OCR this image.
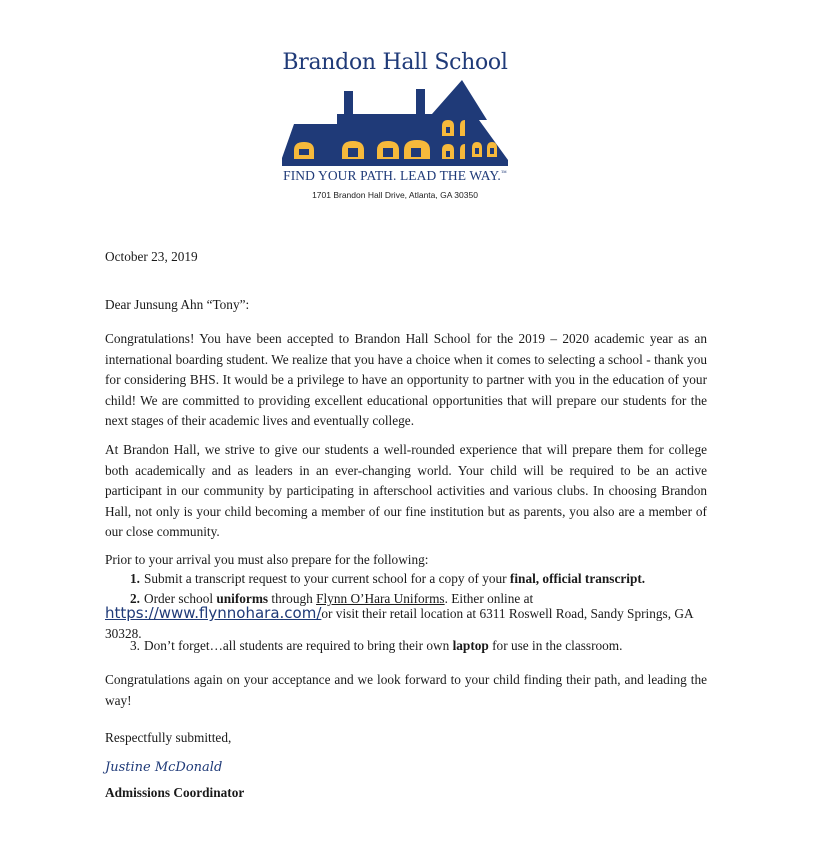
Brandon Hall School
FIND YOUR PATH. LEAD THE WAY.™
1701 Brandon Hall Drive, Atlanta, GA 30350

October 23, 2019

Dear Junsung Ahn “Tony”:

Congratulations! You have been accepted to Brandon Hall School for the 2019 – 2020 academic year as an international boarding student. We realize that you have a choice when it comes to selecting a school - thank you for considering BHS. It would be a privilege to have an opportunity to partner with you in the education of your child! We are committed to providing excellent educational opportunities that will prepare our students for the next stages of their academic lives and eventually college.

At Brandon Hall, we strive to give our students a well-rounded experience that will prepare them for college both academically and as leaders in an ever-changing world. Your child will be required to be an active participant in our community by participating in afterschool activities and various clubs. In choosing Brandon Hall, not only is your child becoming a member of our fine institution but as parents, you also are a member of our close community.

Prior to your arrival you must also prepare for the following:

1. Submit a transcript request to your current school for a copy of your final, official transcript.
2. Order school uniforms through Flynn O’Hara Uniforms. Either online at
https://www.flynnohara.com/or visit their retail location at 6311 Roswell Road, Sandy Springs, GA 30328.
3. Don’t forget…all students are required to bring their own laptop for use in the classroom.

Congratulations again on your acceptance and we look forward to your child finding their path, and leading the way!

Respectfully submitted,

Justine McDonald
Admissions Coordinator
